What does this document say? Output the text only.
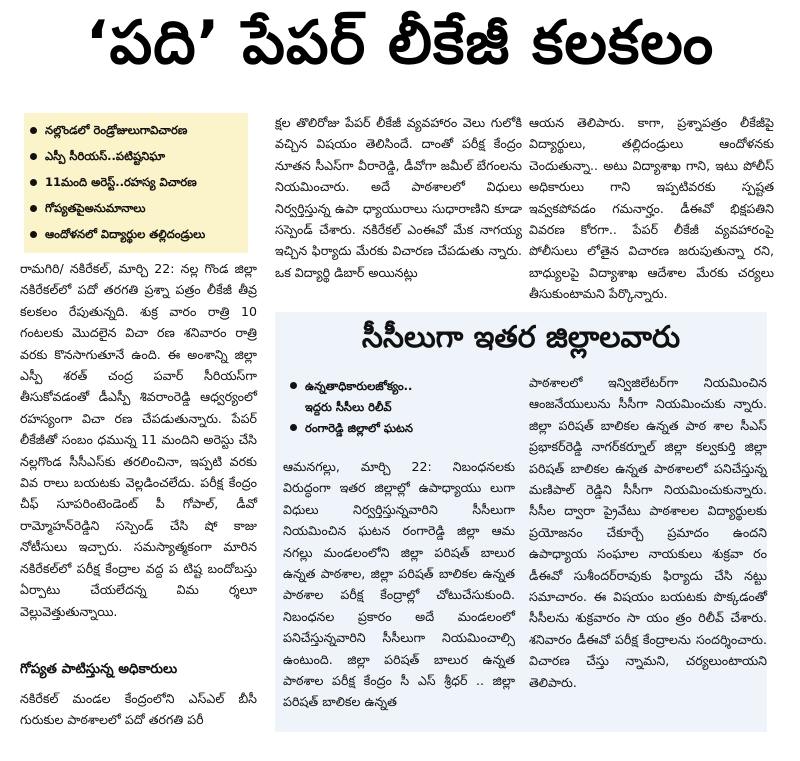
‘పది’ పేపర్ లీకేజీ కలకలం
నల్లొండలో రెండ్రోజులుగావిచారణ
ఎస్పీ సీరియస్..పటిష్టనిఘా
11మంది అరెస్ట్..రహస్య విచారణ
గోప్యతపైఅనుమానాలు
ఆందోళనలో విద్యార్థుల తల్లిదండ్రులు

రామగిరి/ నకిరేకల్, మార్చి 22: నల్ల గొండ జిల్లా నకిరేకల్‌లో పదో తరగతి ప్రశ్నా పత్రం లీకేజీ తీవ్ర కలకలం రేపుతున్నది. శుక్ర వారం రాత్రి 10 గంటలకు మొదలైన విచా రణ శనివారం రాత్రి వరకు కొనసాగుతూనే ఉంది. ఈ అంశాన్ని జిల్లా ఎస్పీ శరత్ చంద్ర పవార్ సీరియస్‌గా తీసుకోవడంతో డీఎస్పీ శివరాంరెడ్డి ఆధ్వర్యంలో రహస్యంగా విచా రణ చేపడుతున్నారు. పేపర్ లీకేజీతో సంబం ధమున్న 11 మందిని అరెస్టు చేసి నల్లగొండ సీసీఎస్‌కు తరలించినా, ఇప్పటి వరకు వివ రాలు బయటకు వెల్లడించలేదు. పరీక్ష కేంద్రం చీఫ్ సూపరింటెండెంట్ పీ గోపాల్, డీవో రామ్మోహన్‌రెడ్డిని సస్పెండ్ చేసి షో కాజు నోటీసులు ఇచ్చారు. సమస్యాత్మకంగా మారిన నకిరేకల్‌లో పరీక్ష కేంద్రాల వద్ద ప టిష్ట బందోబస్తు ఏర్పాటు చేయలేదన్న విమ ర్శలూ వెల్లువెత్తుతున్నాయి.

గోప్యత పాటిస్తున్న అధికారులు

నకిరేకల్ మండల కేంద్రంలోని ఎస్‌ఎల్ బీసీ గురుకుల పాఠశాలలో పదో తరగతి పరీ

క్షల తొలిరోజు పేపర్ లీకేజీ వ్యవహారం వెలు గులోకి వచ్చిన విషయం తెలిసిందే. దాంతో పరీక్ష కేంద్రం నూతన సీఎస్‌గా వీరారెడ్డి, డీవోగా జమీల్ బేగంలను నియమించారు. అదే పాఠశాలలో విధులు నిర్వర్తిస్తున్న ఉపా ధ్యాయురాలు సుధారాణిని కూడా సస్పెండ్ చేశారు. నకిరేకల్ ఎంఈవో మేక నాగయ్య ఇచ్చిన ఫిర్యాదు మేరకు విచారణ చేపడుతు న్నారు. ఒక విద్యార్థి డిబార్ అయినట్లు

ఆయన తెలిపారు. కాగా, ప్రశ్నాపత్రం లీకేజీపై విద్యార్థులు, తల్లిదండ్రులు ఆందోళనకు చెందుతున్నా.. అటు విద్యాశాఖ గాని, ఇటు పోలీస్ అధికారులు గాని ఇప్పటివరకు స్పష్టత ఇవ్వకపోవడం గమనార్హం. డీఈవో భిక్షపతిని వివరణ కోరగా.. పేపర్ లీకేజీ వ్యవహారంపై పోలీసులు లోతైన విచారణ జరుపుతున్నా రని, బాధ్యులపై విద్యాశాఖ ఆదేశాల మేరకు చర్యలు తీసుకుంటామని పేర్కొన్నారు.

సీసీలుగా ఇతర జిల్లాలవారు
ఉన్నతాధికారులజోక్యం..
ఇద్దరు సీసీలు రిలీవ్
రంగారెడ్డి జిల్లాలో ఘటన

ఆమనగల్లు, మార్చి 22: నిబంధనలకు విరుద్ధంగా ఇతర జిల్లాల్లో ఉపాధ్యాయు లుగా విధులు నిర్వర్తిస్తున్నవారిని సీసీలుగా నియమించిన ఘటన రంగారెడ్డి జిల్లా ఆమ నగల్లు మండలంలోని జిల్లా పరిషత్ బాలుర ఉన్నత పాఠశాల, జిల్లా పరిషత్ బాలికల ఉన్నత పాఠశాల పరీక్ష కేంద్రాల్లో చోటుచేసుకుంది. నిబంధనల ప్రకారం అదే మండలంలో పనిచేస్తున్నవారిని సీసీలుగా నియమించాల్సి ఉంటుంది. జిల్లా పరిషత్ బాలుర ఉన్నత పాఠశాల పరీక్ష కేంద్రం సీ ఎస్ శ్రీధర్ .. జిల్లా పరిషత్ బాలికల ఉన్నత

పాఠశాలలో ఇన్విజిలేటర్‌గా నియమించిన ఆంజనేయులును సీసీగా నియమించుకు న్నారు. జిల్లా పరిషత్ బాలికల ఉన్నత పాఠ శాల సీఎస్ ప్రభాకర్‌రెడ్డి నాగర్‌కర్నూల్ జిల్లా కల్వకుర్తి జిల్లా పరిషత్ బాలికల ఉన్నత పాఠశాలలో పనిచేస్తున్న మణిపాల్ రెడ్డిని సీసీగా నియమించుకున్నారు. సీసీల ద్వారా ప్రైవేటు పాఠశాలల విద్యార్థులకు ప్రయోజనం చేకూర్చే ప్రమాదం ఉందని ఉపాధ్యాయ సంఘాల నాయకులు శుక్రవా రం డీఈవో సుశీందర్‌రావుకు ఫిర్యాదు చేసి నట్టు సమాచారం. ఈ విషయం బయటకు పొక్కడంతో సీసీలను శుక్రవారం సా యం త్రం రిలీవ్ చేశారు. శనివారం డీఈవో పరీక్ష కేంద్రాలను సందర్శించారు. విచారణ చేస్తు న్నామని, చర్యలుంటాయని తెలిపారు.
